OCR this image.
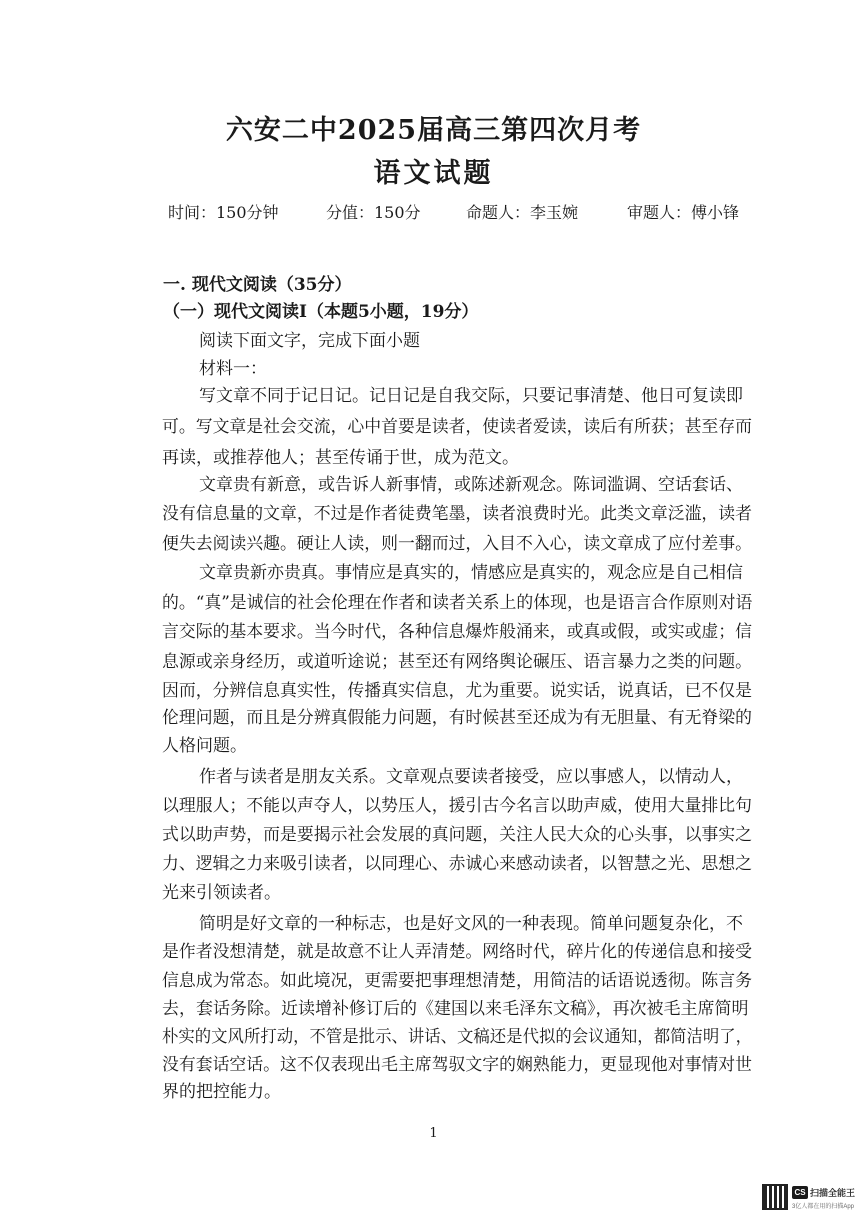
六安二中2025届高三第四次月考
语文试题
时间：150分钟	分值：150分	命题人：李玉婉	审题人：傅小锋
一. 现代文阅读（35分）
（一）现代文阅读Ⅰ（本题5小题，19分）
阅读下面文字，完成下面小题
材料一：
写文章不同于记日记。记日记是自我交际，只要记事清楚、他日可复读即
可。写文章是社会交流，心中首要是读者，使读者爱读，读后有所获；甚至存而
再读，或推荐他人；甚至传诵于世，成为范文。
文章贵有新意，或告诉人新事情，或陈述新观念。陈词滥调、空话套话、
没有信息量的文章，不过是作者徒费笔墨，读者浪费时光。此类文章泛滥，读者
便失去阅读兴趣。硬让人读，则一翻而过，入目不入心，读文章成了应付差事。
文章贵新亦贵真。事情应是真实的，情感应是真实的，观念应是自己相信
的。“真”是诚信的社会伦理在作者和读者关系上的体现，也是语言合作原则对语
言交际的基本要求。当今时代，各种信息爆炸般涌来，或真或假，或实或虚；信
息源或亲身经历，或道听途说；甚至还有网络舆论碾压、语言暴力之类的问题。
因而，分辨信息真实性，传播真实信息，尤为重要。说实话，说真话，已不仅是
伦理问题，而且是分辨真假能力问题，有时候甚至还成为有无胆量、有无脊梁的
人格问题。
作者与读者是朋友关系。文章观点要读者接受，应以事感人，以情动人，
以理服人；不能以声夺人，以势压人，援引古今名言以助声威，使用大量排比句
式以助声势，而是要揭示社会发展的真问题，关注人民大众的心头事，以事实之
力、逻辑之力来吸引读者，以同理心、赤诚心来感动读者，以智慧之光、思想之
光来引领读者。
简明是好文章的一种标志，也是好文风的一种表现。简单问题复杂化，不
是作者没想清楚，就是故意不让人弄清楚。网络时代，碎片化的传递信息和接受
信息成为常态。如此境况，更需要把事理想清楚，用简洁的话语说透彻。陈言务
去，套话务除。近读增补修订后的《建国以来毛泽东文稿》，再次被毛主席简明
朴实的文风所打动，不管是批示、讲话、文稿还是代拟的会议通知，都简洁明了，
没有套话空话。这不仅表现出毛主席驾驭文字的娴熟能力，更显现他对事情对世
界的把控能力。
1
CS 扫描全能王
3亿人都在用的扫描App
